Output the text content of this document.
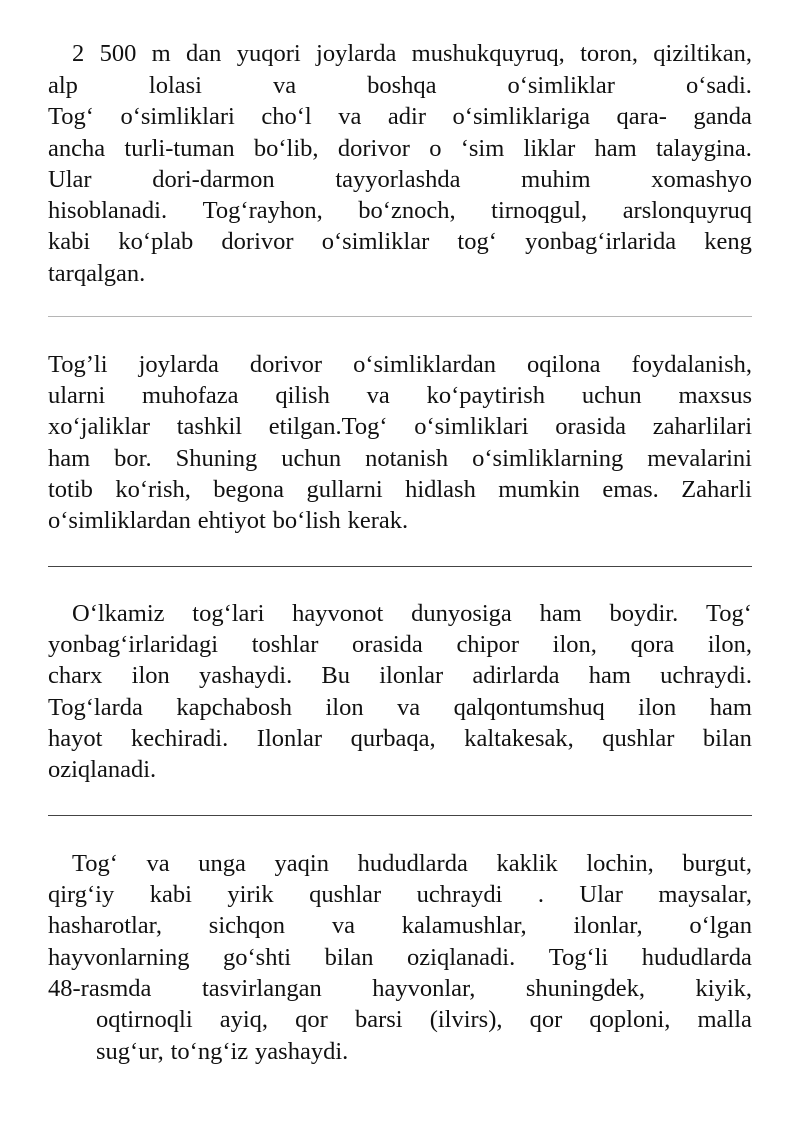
2 500 m dan yuqori joylarda mushukquyruq, toron, qiziltikan,
alp	lolasi	va	boshqa	o‘simliklar	o‘sadi.
Tog‘ o‘simliklari cho‘l va adir o‘simliklariga qara- ganda
ancha turli-tuman bo‘lib, dorivor o ‘sim liklar ham talaygina.
Ular dori-darmon tayyorlashda muhim xomashyo
hisoblanadi. Tog‘rayhon, bo‘znoch, tirnoqgul, arslonquyruq
kabi ko‘plab dorivor o‘simliklar tog‘ yonbag‘irlarida keng
tarqalgan.
Tog’li joylarda dorivor o‘simliklardan oqilona foydalanish,
ularni muhofaza qilish va ko‘paytirish uchun maxsus
xo‘jaliklar tashkil etilgan.Tog‘ o‘simliklari orasida zaharlilari
ham bor. Shuning uchun notanish o‘simliklarning mevalarini
totib ko‘rish, begona gullarni hidlash mumkin emas. Zaharli
o‘simliklardan ehtiyot bo‘lish kerak.
O‘lkamiz tog‘lari hayvonot dunyosiga ham boydir. Tog‘
yonbag‘irlaridagi toshlar orasida chipor ilon, qora ilon,
charx ilon yashaydi. Bu ilonlar adirlarda ham uchraydi.
Tog‘larda kapchabosh ilon va qalqontumshuq ilon ham
hayot kechiradi. Ilonlar qurbaqa, kaltakesak, qushlar bilan
oziqlanadi.
Tog‘ va unga yaqin hududlarda kaklik lochin, burgut,
qirg‘iy kabi yirik qushlar uchraydi . Ular maysalar,
hasharotlar, sichqon va kalamushlar, ilonlar, o‘lgan
hayvonlarning go‘shti bilan oziqlanadi. Tog‘li hududlarda
48-rasmda tasvirlangan hayvonlar, shuningdek, kiyik,
oqtirnoqli ayiq, qor barsi (ilvirs), qor qoploni, malla
sug‘ur, to‘ng‘iz yashaydi.
